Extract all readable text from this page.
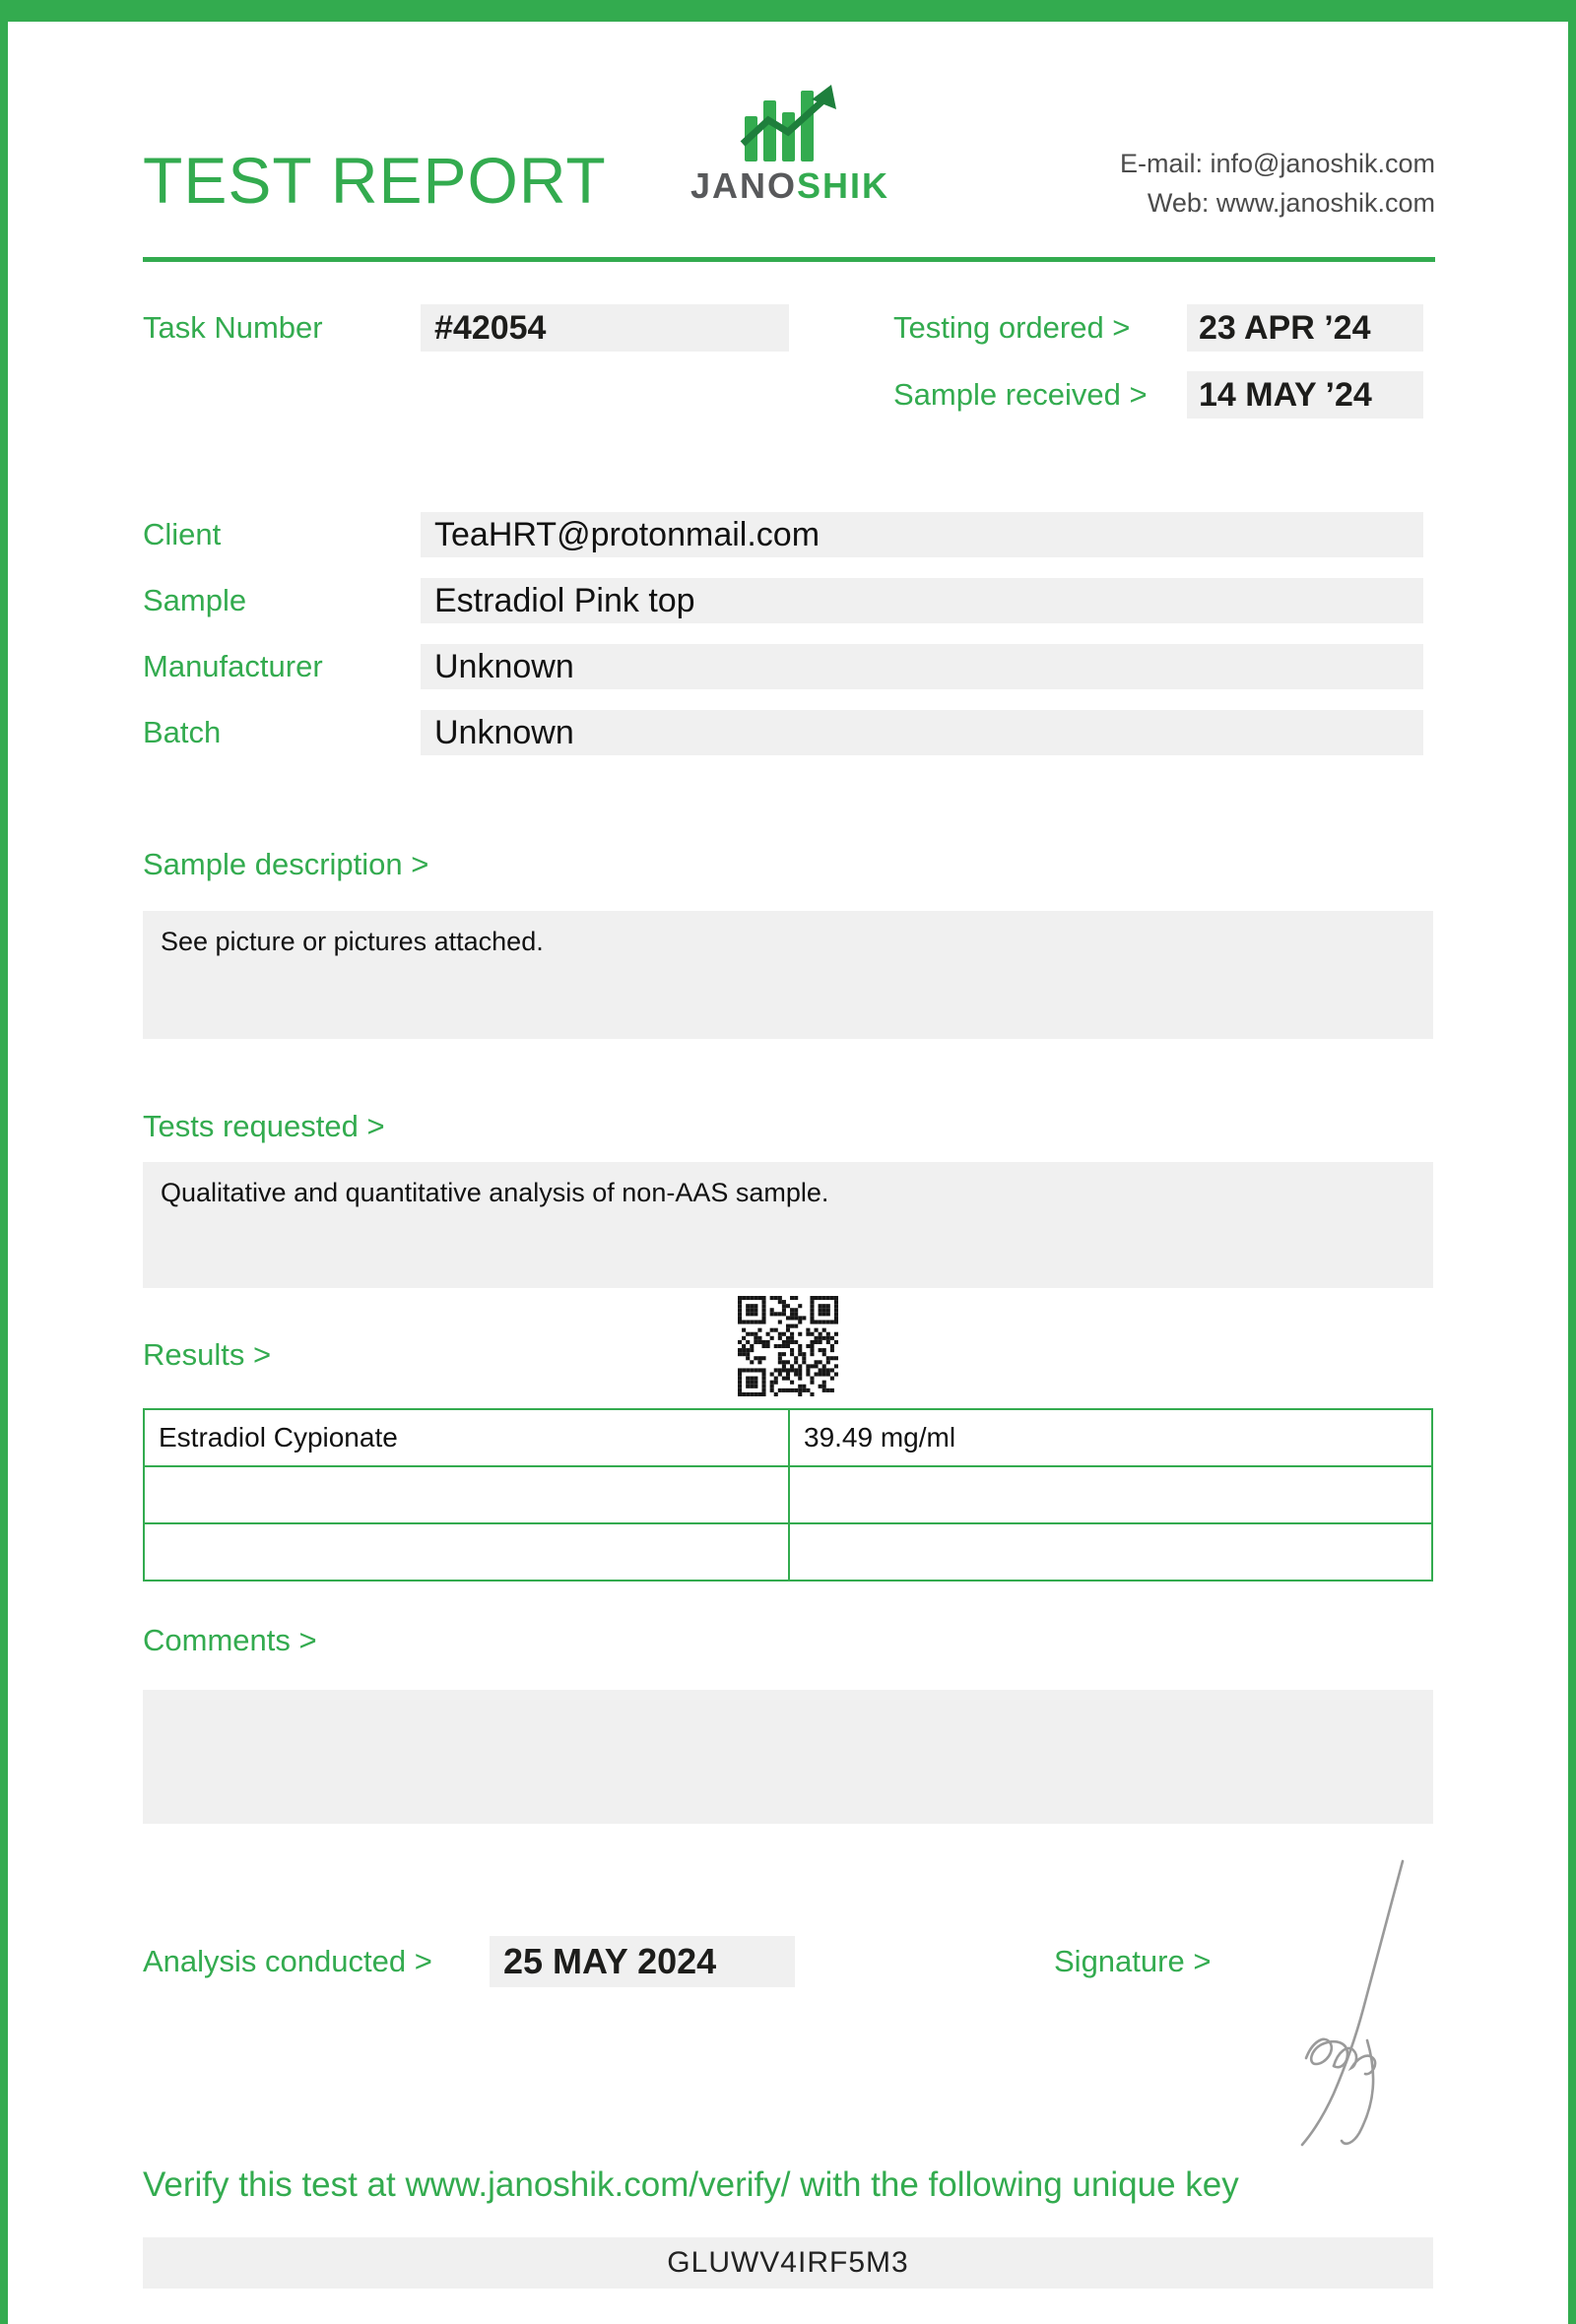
TEST REPORT	JANOSHIK
E-mail: info@janoshik.com
Web: www.janoshik.com
Task Number	#42054	Testing ordered >	23 APR ’24
Sample received >	14 MAY ’24
Client	TeaHRT@protonmail.com
Sample	Estradiol Pink top
Manufacturer	Unknown
Batch	Unknown
Sample description >
See picture or pictures attached.
Tests requested >
Qualitative and quantitative analysis of non-AAS sample.
Results >
Estradiol Cypionate	39.49 mg/ml

Comments >
Analysis conducted >	25 MAY 2024	Signature >
Verify this test at www.janoshik.com/verify/ with the following unique key
GLUWV4IRF5M3
